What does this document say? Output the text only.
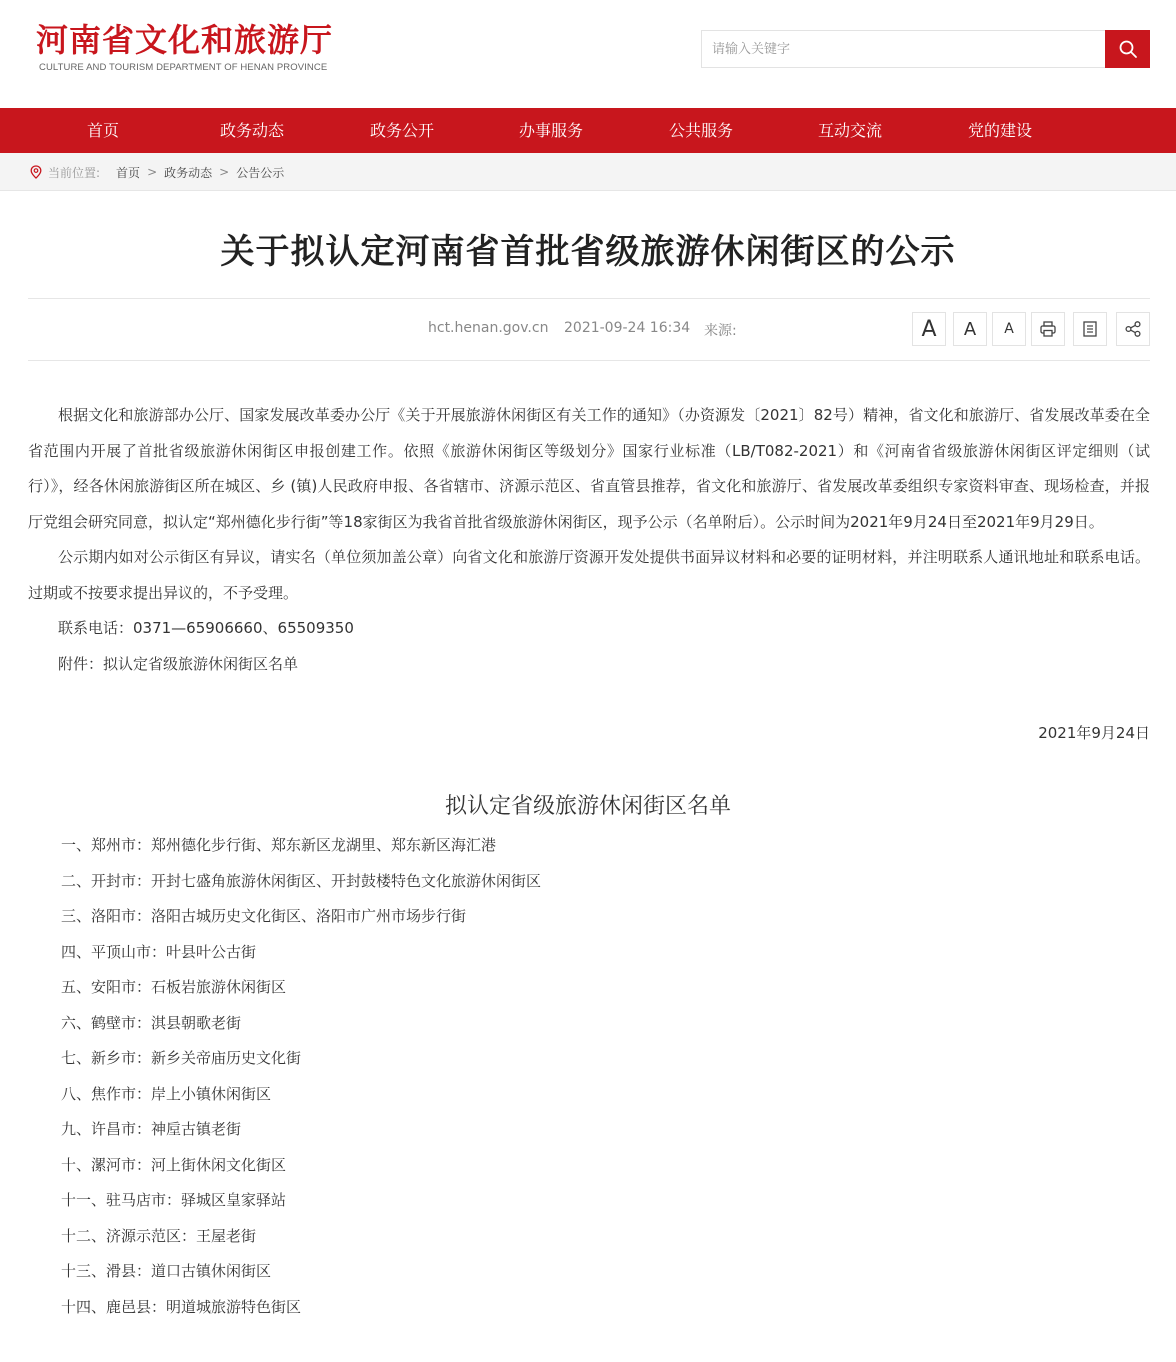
河南省文化和旅游厅
CULTURE AND TOURISM DEPARTMENT OF HENAN PROVINCE
请输入关键字
首页	政务动态	政务公开	办事服务	公共服务	互动交流	党的建设
当前位置: 首页 > 政务动态 > 公告公示
关于拟认定河南省首批省级旅游休闲街区的公示
hct.henan.gov.cn 2021-09-24 16:34 来源:	A	A	A

根据文化和旅游部办公厅、国家发展改革委办公厅《关于开展旅游休闲街区有关工作的通知》（办资源发〔2021〕82号）精神，省文化和旅游厅、省发展改革委在全省范围内开展了首批省级旅游休闲街区申报创建工作。依照《旅游休闲街区等级划分》国家行业标准（LB/T082-2021）和《河南省省级旅游休闲街区评定细则（试行）》，经各休闲旅游街区所在城区、乡 (镇)人民政府申报、各省辖市、济源示范区、省直管县推荐，省文化和旅游厅、省发展改革委组织专家资料审查、现场检查，并报厅党组会研究同意，拟认定“郑州德化步行街”等18家街区为我省首批省级旅游休闲街区，现予公示（名单附后）。公示时间为2021年9月24日至2021年9月29日。

公示期内如对公示街区有异议，请实名（单位须加盖公章）向省文化和旅游厅资源开发处提供书面异议材料和必要的证明材料，并注明联系人通讯地址和联系电话。过期或不按要求提出异议的，不予受理。

联系电话：0371—65906660、65509350

附件：拟认定省级旅游休闲街区名单

2021年9月24日
拟认定省级旅游休闲街区名单
一、郑州市：郑州德化步行街、郑东新区龙湖里、郑东新区海汇港
二、开封市：开封七盛角旅游休闲街区、开封鼓楼特色文化旅游休闲街区
三、洛阳市：洛阳古城历史文化街区、洛阳市广州市场步行街
四、平顶山市：叶县叶公古街
五、安阳市：石板岩旅游休闲街区
六、鹤壁市：淇县朝歌老街
七、新乡市：新乡关帝庙历史文化街
八、焦作市：岸上小镇休闲街区
九、许昌市：神垕古镇老街
十、漯河市：河上街休闲文化街区
十一、驻马店市：驿城区皇家驿站
十二、济源示范区：王屋老街
十三、滑县：道口古镇休闲街区
十四、鹿邑县：明道城旅游特色街区
